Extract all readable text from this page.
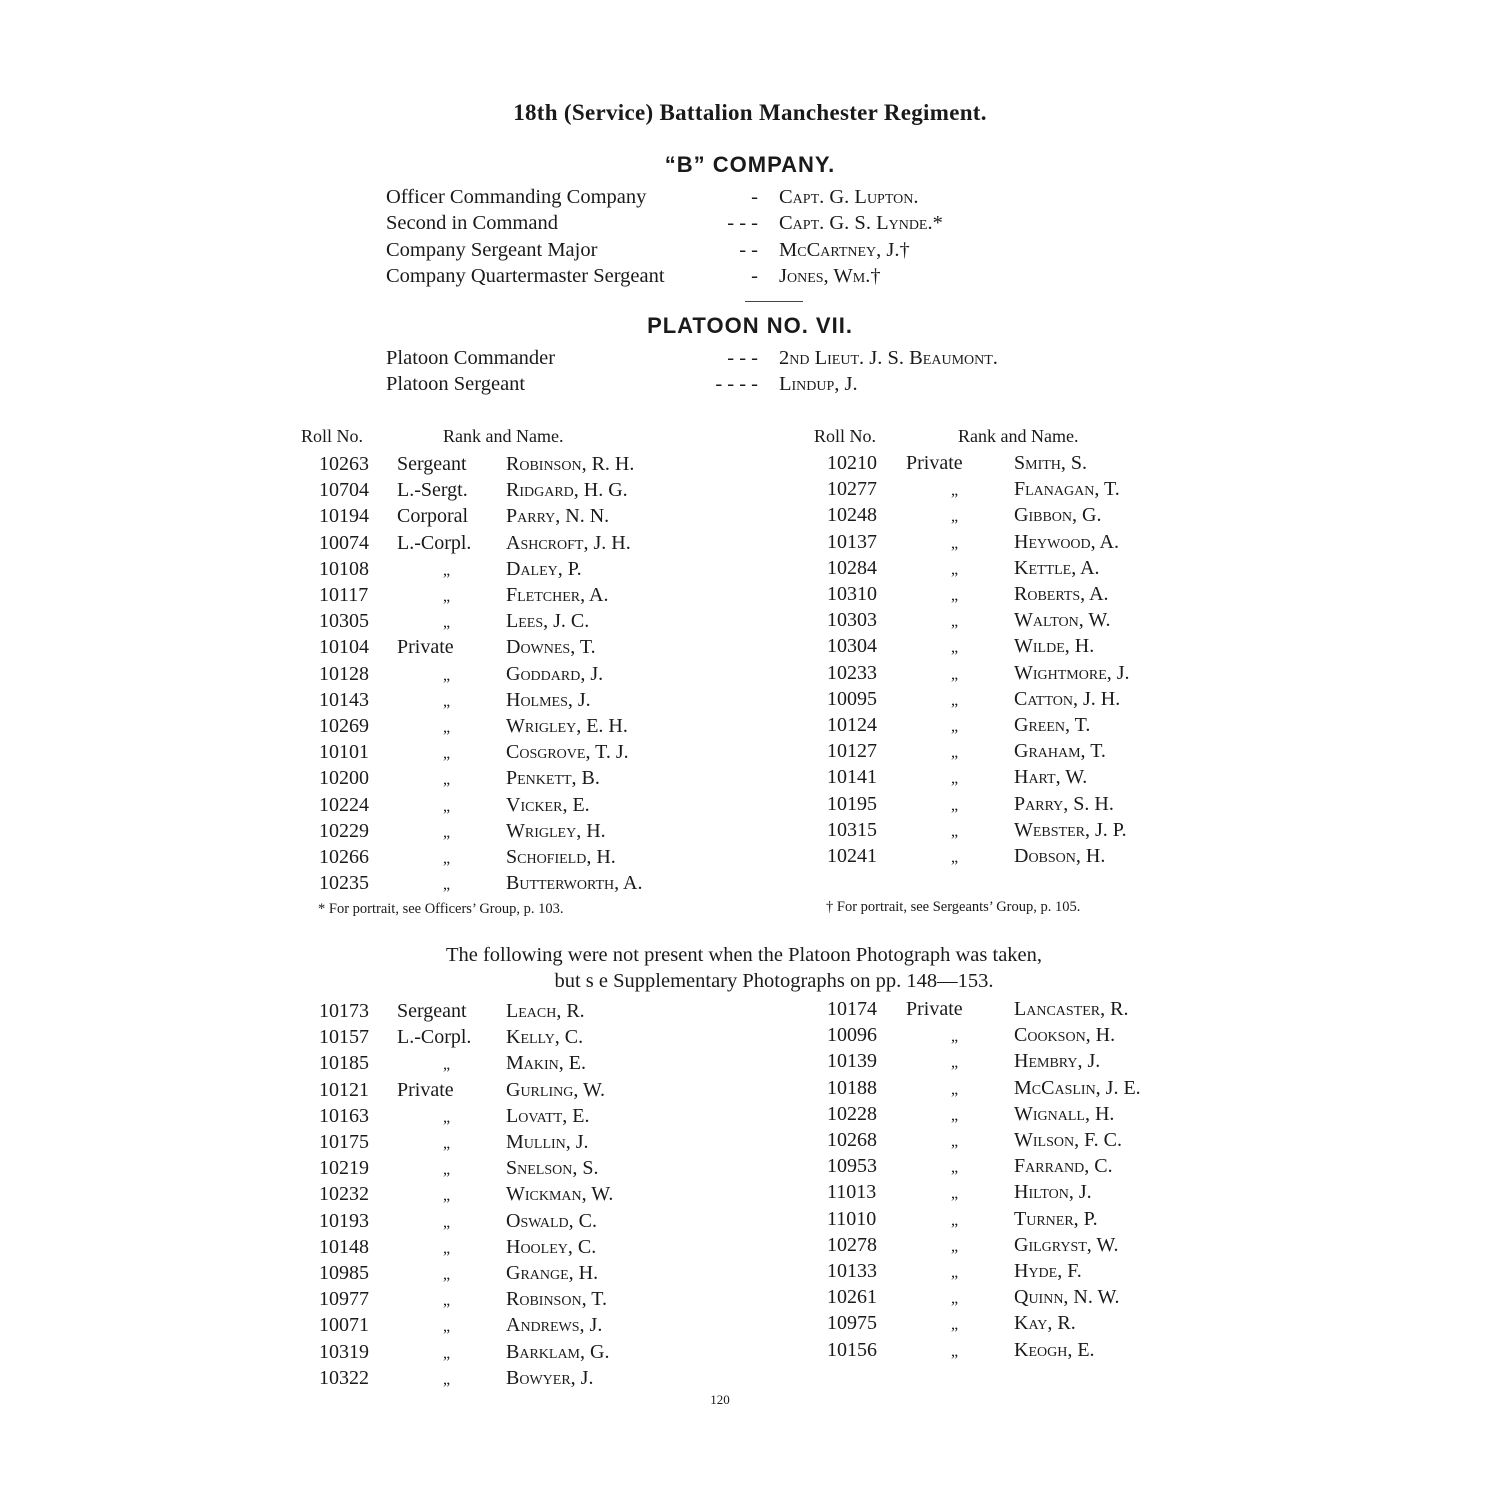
18th (Service) Battalion Manchester Regiment.
“B” COMPANY.
Officer Commanding Company	- Capt. G. Lupton.
Second in Command	- - - Capt. G. S. Lynde.*
Company Sergeant Major	- - McCartney, J.†
Company Quartermaster Sergeant	- Jones, Wm.†
PLATOON NO. VII.
Platoon Commander	- - - 2nd Lieut. J. S. Beaumont.
Platoon Sergeant	- - - - Lindup, J.
Roll No.	Rank and Name.	Roll No.	Rank and Name.
10263 Sergeant Robinson, R. H.
10704 L.-Sergt. Ridgard, H. G.
10194 Corporal Parry, N. N.
10074 L.-Corpl. Ashcroft, J. H.
10108	„	Daley, P.
10117	„	Fletcher, A.
10305	„	Lees, J. C.
10104 Private	Downes, T.
10128	„	Goddard, J.
10143	„	Holmes, J.
10269	„	Wrigley, E. H.
10101	„	Cosgrove, T. J.
10200	„	Penkett, B.
10224	„	Vicker, E.
10229	„	Wrigley, H.
10266	„	Schofield, H.
10235	„	Butterworth, A.
10210 Private	Smith, S.
10277	„	Flanagan, T.
10248	„	Gibbon, G.
10137	„	Heywood, A.
10284	„	Kettle, A.
10310	„	Roberts, A.
10303	„	Walton, W.
10304	„	Wilde, H.
10233	„	Wightmore, J.
10095	„	Catton, J. H.
10124	„	Green, T.
10127	„	Graham, T.
10141	„	Hart, W.
10195	„	Parry, S. H.
10315	„	Webster, J. P.
10241	„	Dobson, H.
* For portrait, see Officers’ Group, p. 103.	† For portrait, see Sergeants’ Group, p. 105.
The following were not present when the Platoon Photograph was taken,
but s e Supplementary Photographs on pp. 148—153.
10173 Sergeant Leach, R.
10157 L.-Corpl. Kelly, C.
10185	„	Makin, E.
10121 Private	Gurling, W.
10163	„	Lovatt, E.
10175	„	Mullin, J.
10219	„	Snelson, S.
10232	„	Wickman, W.
10193	„	Oswald, C.
10148	„	Hooley, C.
10985	„	Grange, H.
10977	„	Robinson, T.
10071	„	Andrews, J.
10319	„	Barklam, G.
10322	„	Bowyer, J.
10174 Private	Lancaster, R.
10096	„	Cookson, H.
10139	„	Hembry, J.
10188	„	McCaslin, J. E.
10228	„	Wignall, H.
10268	„	Wilson, F. C.
10953	„	Farrand, C.
11013	„	Hilton, J.
11010	„	Turner, P.
10278	„	Gilgryst, W.
10133	„	Hyde, F.
10261	„	Quinn, N. W.
10975	„	Kay, R.
10156	„	Keogh, E.
120
